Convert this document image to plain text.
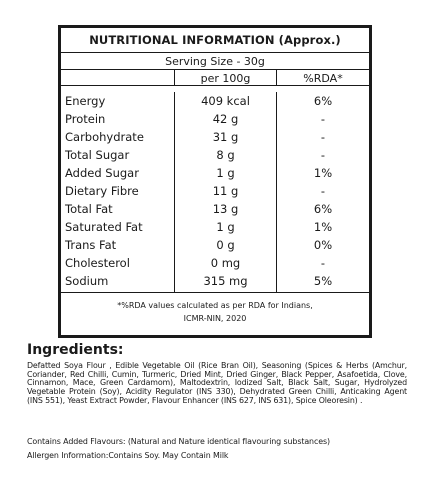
NUTRITIONAL INFORMATION (Approx.)
Serving Size - 30g
per 100g	%RDA*
Energy
Protein
Carbohydrate
Total Sugar
Added Sugar
Dietary Fibre
Total Fat
Saturated Fat
Trans Fat
Cholesterol
Sodium
409 kcal
42 g
31 g
8 g
1 g
11 g
13 g
1 g
0 g
0 mg
315 mg
6%
-
-
-
1%
-
6%
1%
0%
-
5%
*%RDA values calculated as per RDA for Indians,
ICMR-NIN, 2020
Ingredients:
Defatted Soya Flour , Edible Vegetable Oil (Rice Bran Oil), Seasoning (Spices & Herbs (Amchur, Coriander, Red Chilli, Cumin, Turmeric, Dried Mint, Dried Ginger, Black Pepper, Asafoetida, Clove, Cinnamon, Mace, Green Cardamom), Maltodextrin, Iodized Salt, Black Salt, Sugar, Hydrolyzed Vegetable Protein (Soy), Acidity Regulator (INS 330), Dehydrated Green Chilli, Anticaking Agent (INS 551), Yeast Extract Powder, Flavour Enhancer (INS 627, INS 631), Spice Oleoresin) .
Contains Added Flavours: (Natural and Nature identical flavouring substances)
Allergen Information:Contains Soy. May Contain Milk
